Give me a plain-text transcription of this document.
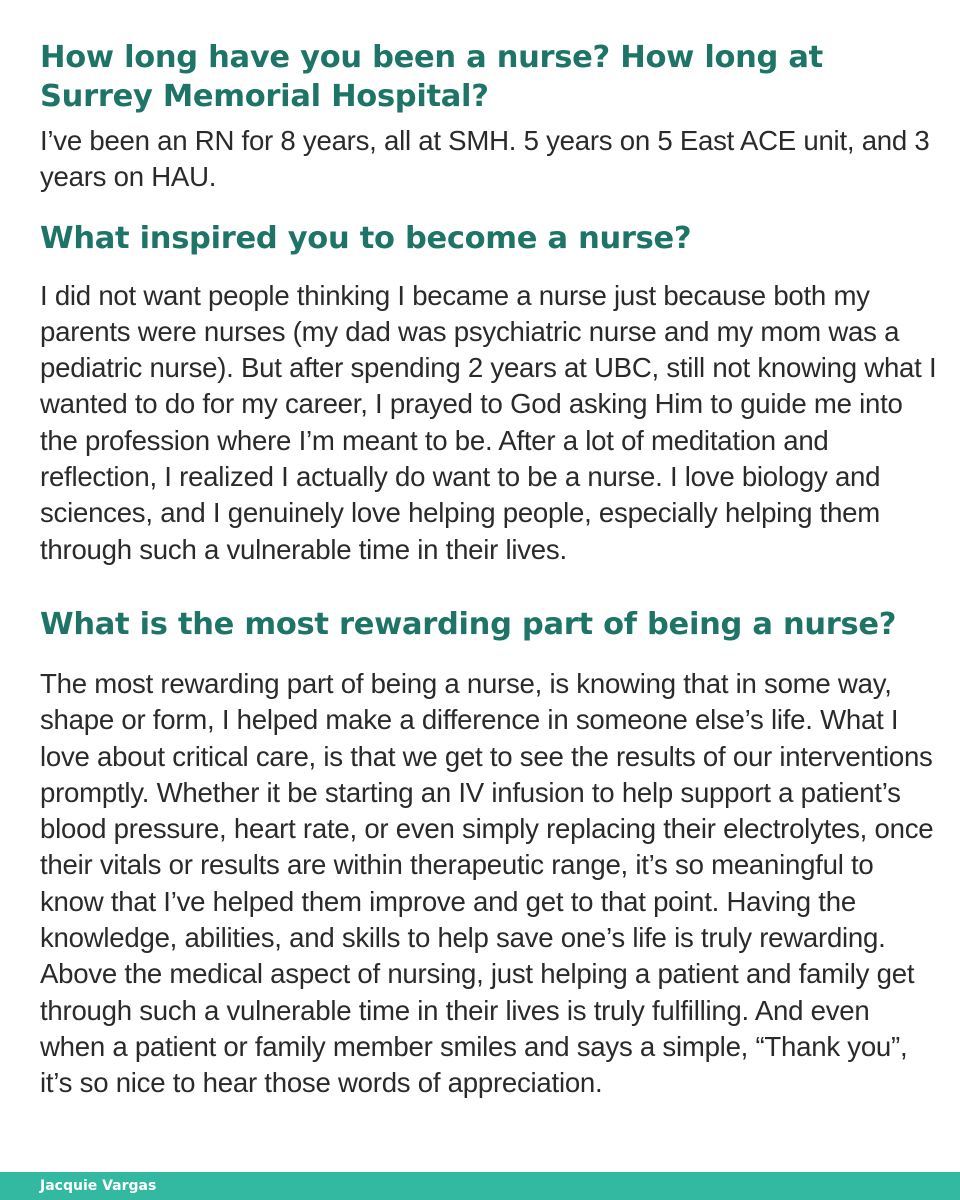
How long have you been a nurse? How long at Surrey Memorial Hospital?

I’ve been an RN for 8 years, all at SMH. 5 years on 5 East ACE unit, and 3 years on HAU.

What inspired you to become a nurse?

I did not want people thinking I became a nurse just because both my parents were nurses (my dad was psychiatric nurse and my mom was a pediatric nurse). But after spending 2 years at UBC, still not knowing what I wanted to do for my career, I prayed to God asking Him to guide me into the profession where I’m meant to be. After a lot of meditation and reflection, I realized I actually do want to be a nurse. I love biology and sciences, and I genuinely love helping people, especially helping them through such a vulnerable time in their lives.

What is the most rewarding part of being a nurse?

The most rewarding part of being a nurse, is knowing that in some way, shape or form, I helped make a difference in someone else’s life. What I love about critical care, is that we get to see the results of our interventions promptly. Whether it be starting an IV infusion to help support a patient’s blood pressure, heart rate, or even simply replacing their electrolytes, once their vitals or results are within therapeutic range, it’s so meaningful to know that I’ve helped them improve and get to that point. Having the knowledge, abilities, and skills to help save one’s life is truly rewarding. Above the medical aspect of nursing, just helping a patient and family get through such a vulnerable time in their lives is truly fulfilling. And even when a patient or family member smiles and says a simple, “Thank you”, it’s so nice to hear those words of appreciation.

Jacquie Vargas
